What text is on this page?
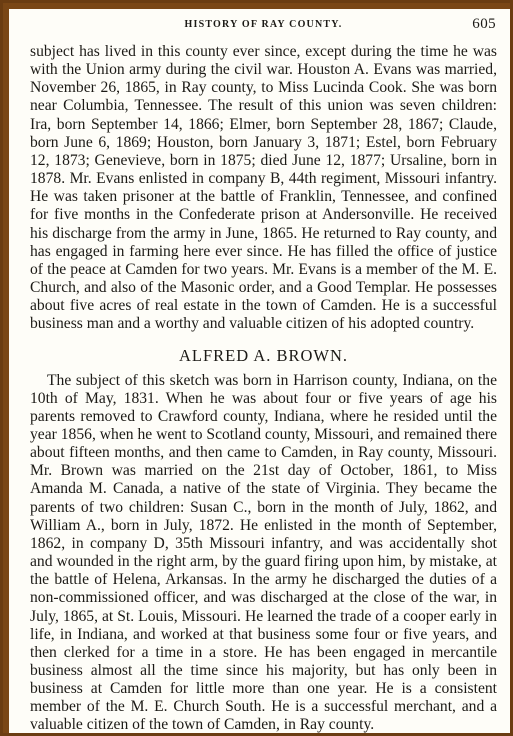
HISTORY OF RAY COUNTY.	605

subject has lived in this county ever since, except during the time he was with the Union army during the civil war. Houston A. Evans was married, November 26, 1865, in Ray county, to Miss Lucinda Cook. She was born near Columbia, Tennessee. The result of this union was seven children: Ira, born September 14, 1866; Elmer, born September 28, 1867; Claude, born June 6, 1869; Houston, born January 3, 1871; Estel, born February 12, 1873; Genevieve, born in 1875; died June 12, 1877; Ursaline, born in 1878. Mr. Evans enlisted in company B, 44th regiment, Missouri infantry. He was taken prisoner at the battle of Franklin, Tennessee, and confined for five months in the Confederate prison at Andersonville. He received his discharge from the army in June, 1865. He returned to Ray county, and has engaged in farming here ever since. He has filled the office of justice of the peace at Camden for two years. Mr. Evans is a member of the M. E. Church, and also of the Masonic order, and a Good Templar. He possesses about five acres of real estate in the town of Camden. He is a successful business man and a worthy and valuable citizen of his adopted country.

ALFRED A. BROWN.

The subject of this sketch was born in Harrison county, Indiana, on the 10th of May, 1831. When he was about four or five years of age his parents removed to Crawford county, Indiana, where he resided until the year 1856, when he went to Scotland county, Missouri, and remained there about fifteen months, and then came to Camden, in Ray county, Missouri. Mr. Brown was married on the 21st day of October, 1861, to Miss Amanda M. Canada, a native of the state of Virginia. They became the parents of two children: Susan C., born in the month of July, 1862, and William A., born in July, 1872. He enlisted in the month of September, 1862, in company D, 35th Missouri infantry, and was accidentally shot and wounded in the right arm, by the guard firing upon him, by mistake, at the battle of Helena, Arkansas. In the army he discharged the duties of a non-commissioned officer, and was discharged at the close of the war, in July, 1865, at St. Louis, Missouri. He learned the trade of a cooper early in life, in Indiana, and worked at that business some four or five years, and then clerked for a time in a store. He has been engaged in mercantile business almost all the time since his majority, but has only been in business at Camden for little more than one year. He is a consistent member of the M. E. Church South. He is a successful merchant, and a valuable citizen of the town of Camden, in Ray county.
